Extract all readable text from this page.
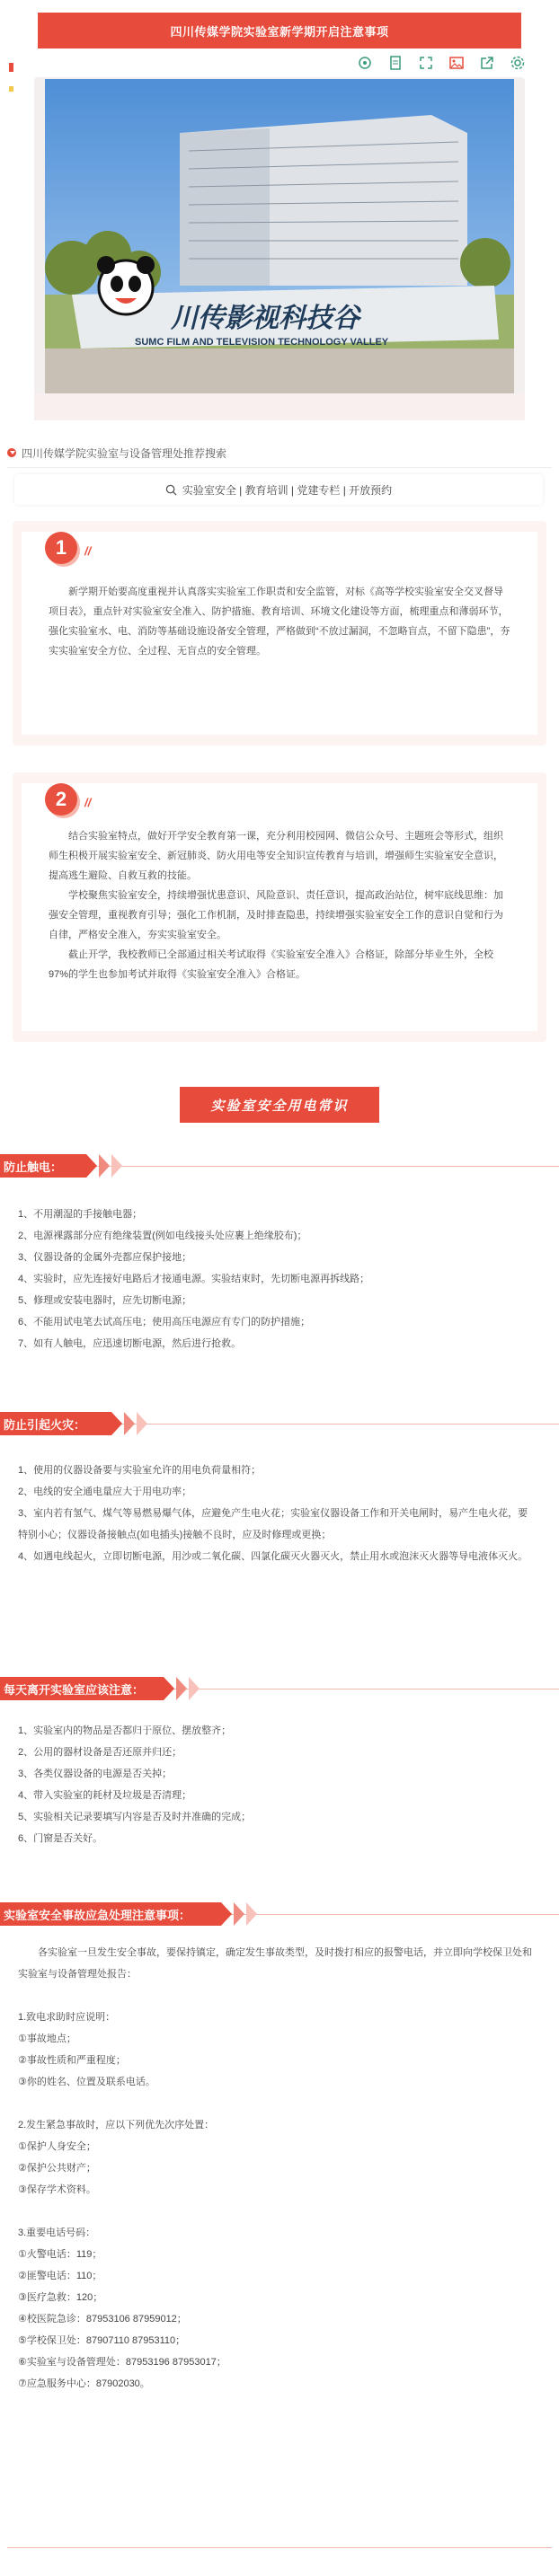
四川传媒学院实验室新学期开启注意事项
川传影视科技谷
SUMC FILM AND TELEVISION TECHNOLOGY VALLEY
四川传媒学院实验室与设备管理处推荐搜索
实验室安全 | 教育培训 | 党建专栏 | 开放预约
1	//
新学期开始要高度重视并认真落实实验室工作职责和安全监管，对标《高等学校实验室安全交叉督导项目表》，重点针对实验室安全准入、防护措施、教育培训、环境文化建设等方面，梳理重点和薄弱环节，强化实验室水、电、消防等基础设施设备安全管理，严格做到“不放过漏洞，不忽略盲点，不留下隐患”，夯实实验室安全方位、全过程、无盲点的安全管理。
2	//

结合实验室特点，做好开学安全教育第一课，充分利用校园网、微信公众号、主题班会等形式，组织师生积极开展实验室安全、新冠肺炎、防火用电等安全知识宣传教育与培训，增强师生实验室安全意识，提高逃生避险、自救互救的技能。

学校聚焦实验室安全，持续增强忧患意识、风险意识、责任意识，提高政治站位，树牢底线思维：加强安全管理，重视教育引导；强化工作机制，及时排查隐患，持续增强实验室安全工作的意识自觉和行为自律，严格安全准入，夯实实验室安全。

截止开学，我校教师已全部通过相关考试取得《实验室安全准入》合格证，除部分毕业生外，全校97%的学生也参加考试并取得《实验室安全准入》合格证。

实验室安全用电常识
防止触电：
1、不用潮湿的手接触电器；
2、电源裸露部分应有绝缘装置(例如电线接头处应裹上绝缘胶布)；
3、仪器设备的金属外壳都应保护接地；
4、实验时，应先连接好电路后才接通电源。实验结束时，先切断电源再拆线路；
5、修理或安装电器时，应先切断电源；
6、不能用试电笔去试高压电；使用高压电源应有专门的防护措施；
7、如有人触电，应迅速切断电源，然后进行抢救。
防止引起火灾：
1、使用的仪器设备要与实验室允许的用电负荷量相符；
2、电线的安全通电量应大于用电功率；
3、室内若有氢气、煤气等易燃易爆气体，应避免产生电火花；实验室仪器设备工作和开关电闸时，易产生电火花，要特别小心；仪器设备接触点(如电插头)接触不良时，应及时修理或更换；
4、如遇电线起火，立即切断电源，用沙或二氧化碳、四氯化碳灭火器灭火，禁止用水或泡沫灭火器等导电液体灭火。
每天离开实验室应该注意：
1、实验室内的物品是否都归于原位、摆放整齐；
2、公用的器材设备是否还原并归还；
3、各类仪器设备的电源是否关掉；
4、带入实验室的耗材及垃圾是否清理；
5、实验相关记录要填写内容是否及时并准确的完成；
6、门窗是否关好。
实验室安全事故应急处理注意事项：
各实验室一旦发生安全事故，要保持镇定，确定发生事故类型，及时拨打相应的报警电话，并立即向学校保卫处和实验室与设备管理处报告：
1.致电求助时应说明：
①事故地点；
②事故性质和严重程度；
③你的姓名、位置及联系电话。
2.发生紧急事故时，应以下列优先次序处置：
①保护人身安全；
②保护公共财产；
③保存学术资料。
3.重要电话号码：
①火警电话：119；
②匪警电话：110；
③医疗急救：120；
④校医院急诊：87953106 87959012；
⑤学校保卫处：87907110 87953110；
⑥实验室与设备管理处：87953196 87953017；
⑦应急服务中心：87902030。
